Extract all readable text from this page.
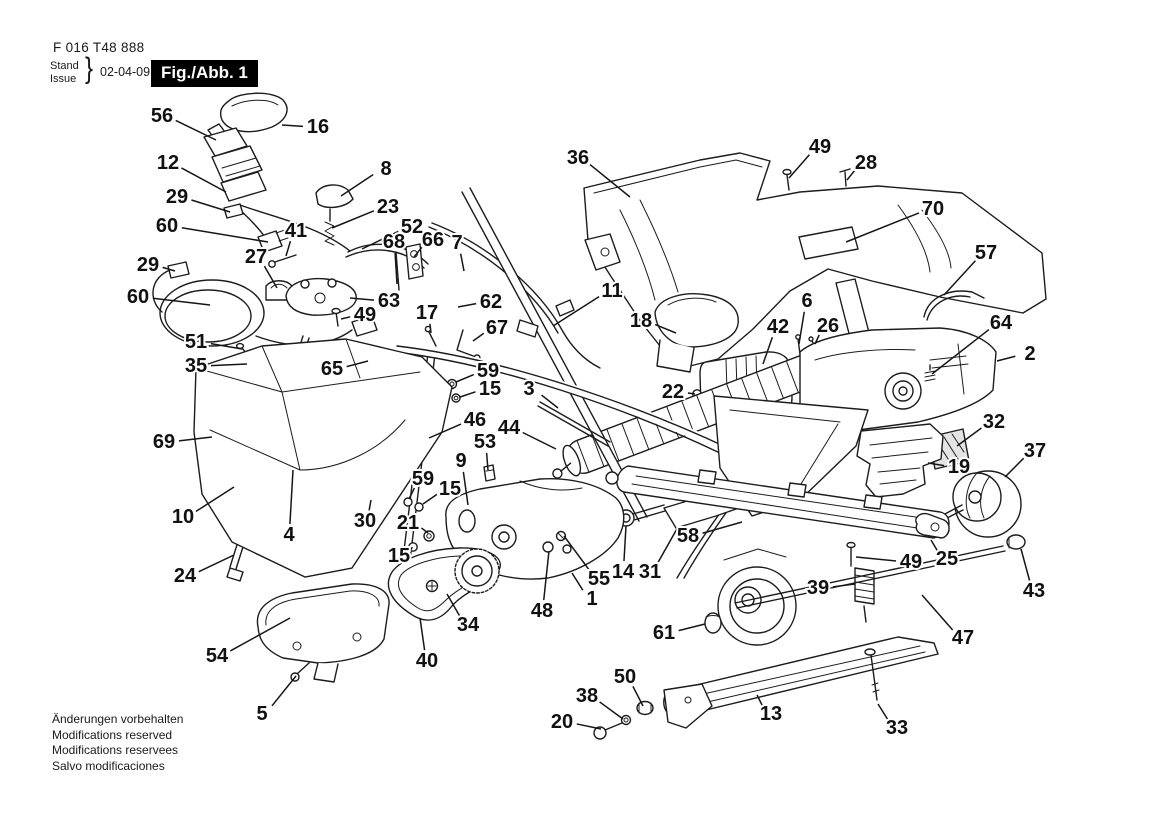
F 016 T48 888
Stand
Issue } 02-04-09 Fig./Abb. 1
56	16
12	8
29	23
60	41	52
68 66 7
27
29
60	63
49 17 62
67
51
35	65	59
15
36	49
28
70
11
18	42
6
26
57
64
2
3	22
32
19
37
69
46 44
53
9
10
4
30
59 15
21
15
24	55
1
14 31
58
48
34
40
54
5
61
39
49 25
47
43
13
50
38
20	33
Änderungen vorbehalten
Modifications reserved
Modifications reservees
Salvo modificaciones
